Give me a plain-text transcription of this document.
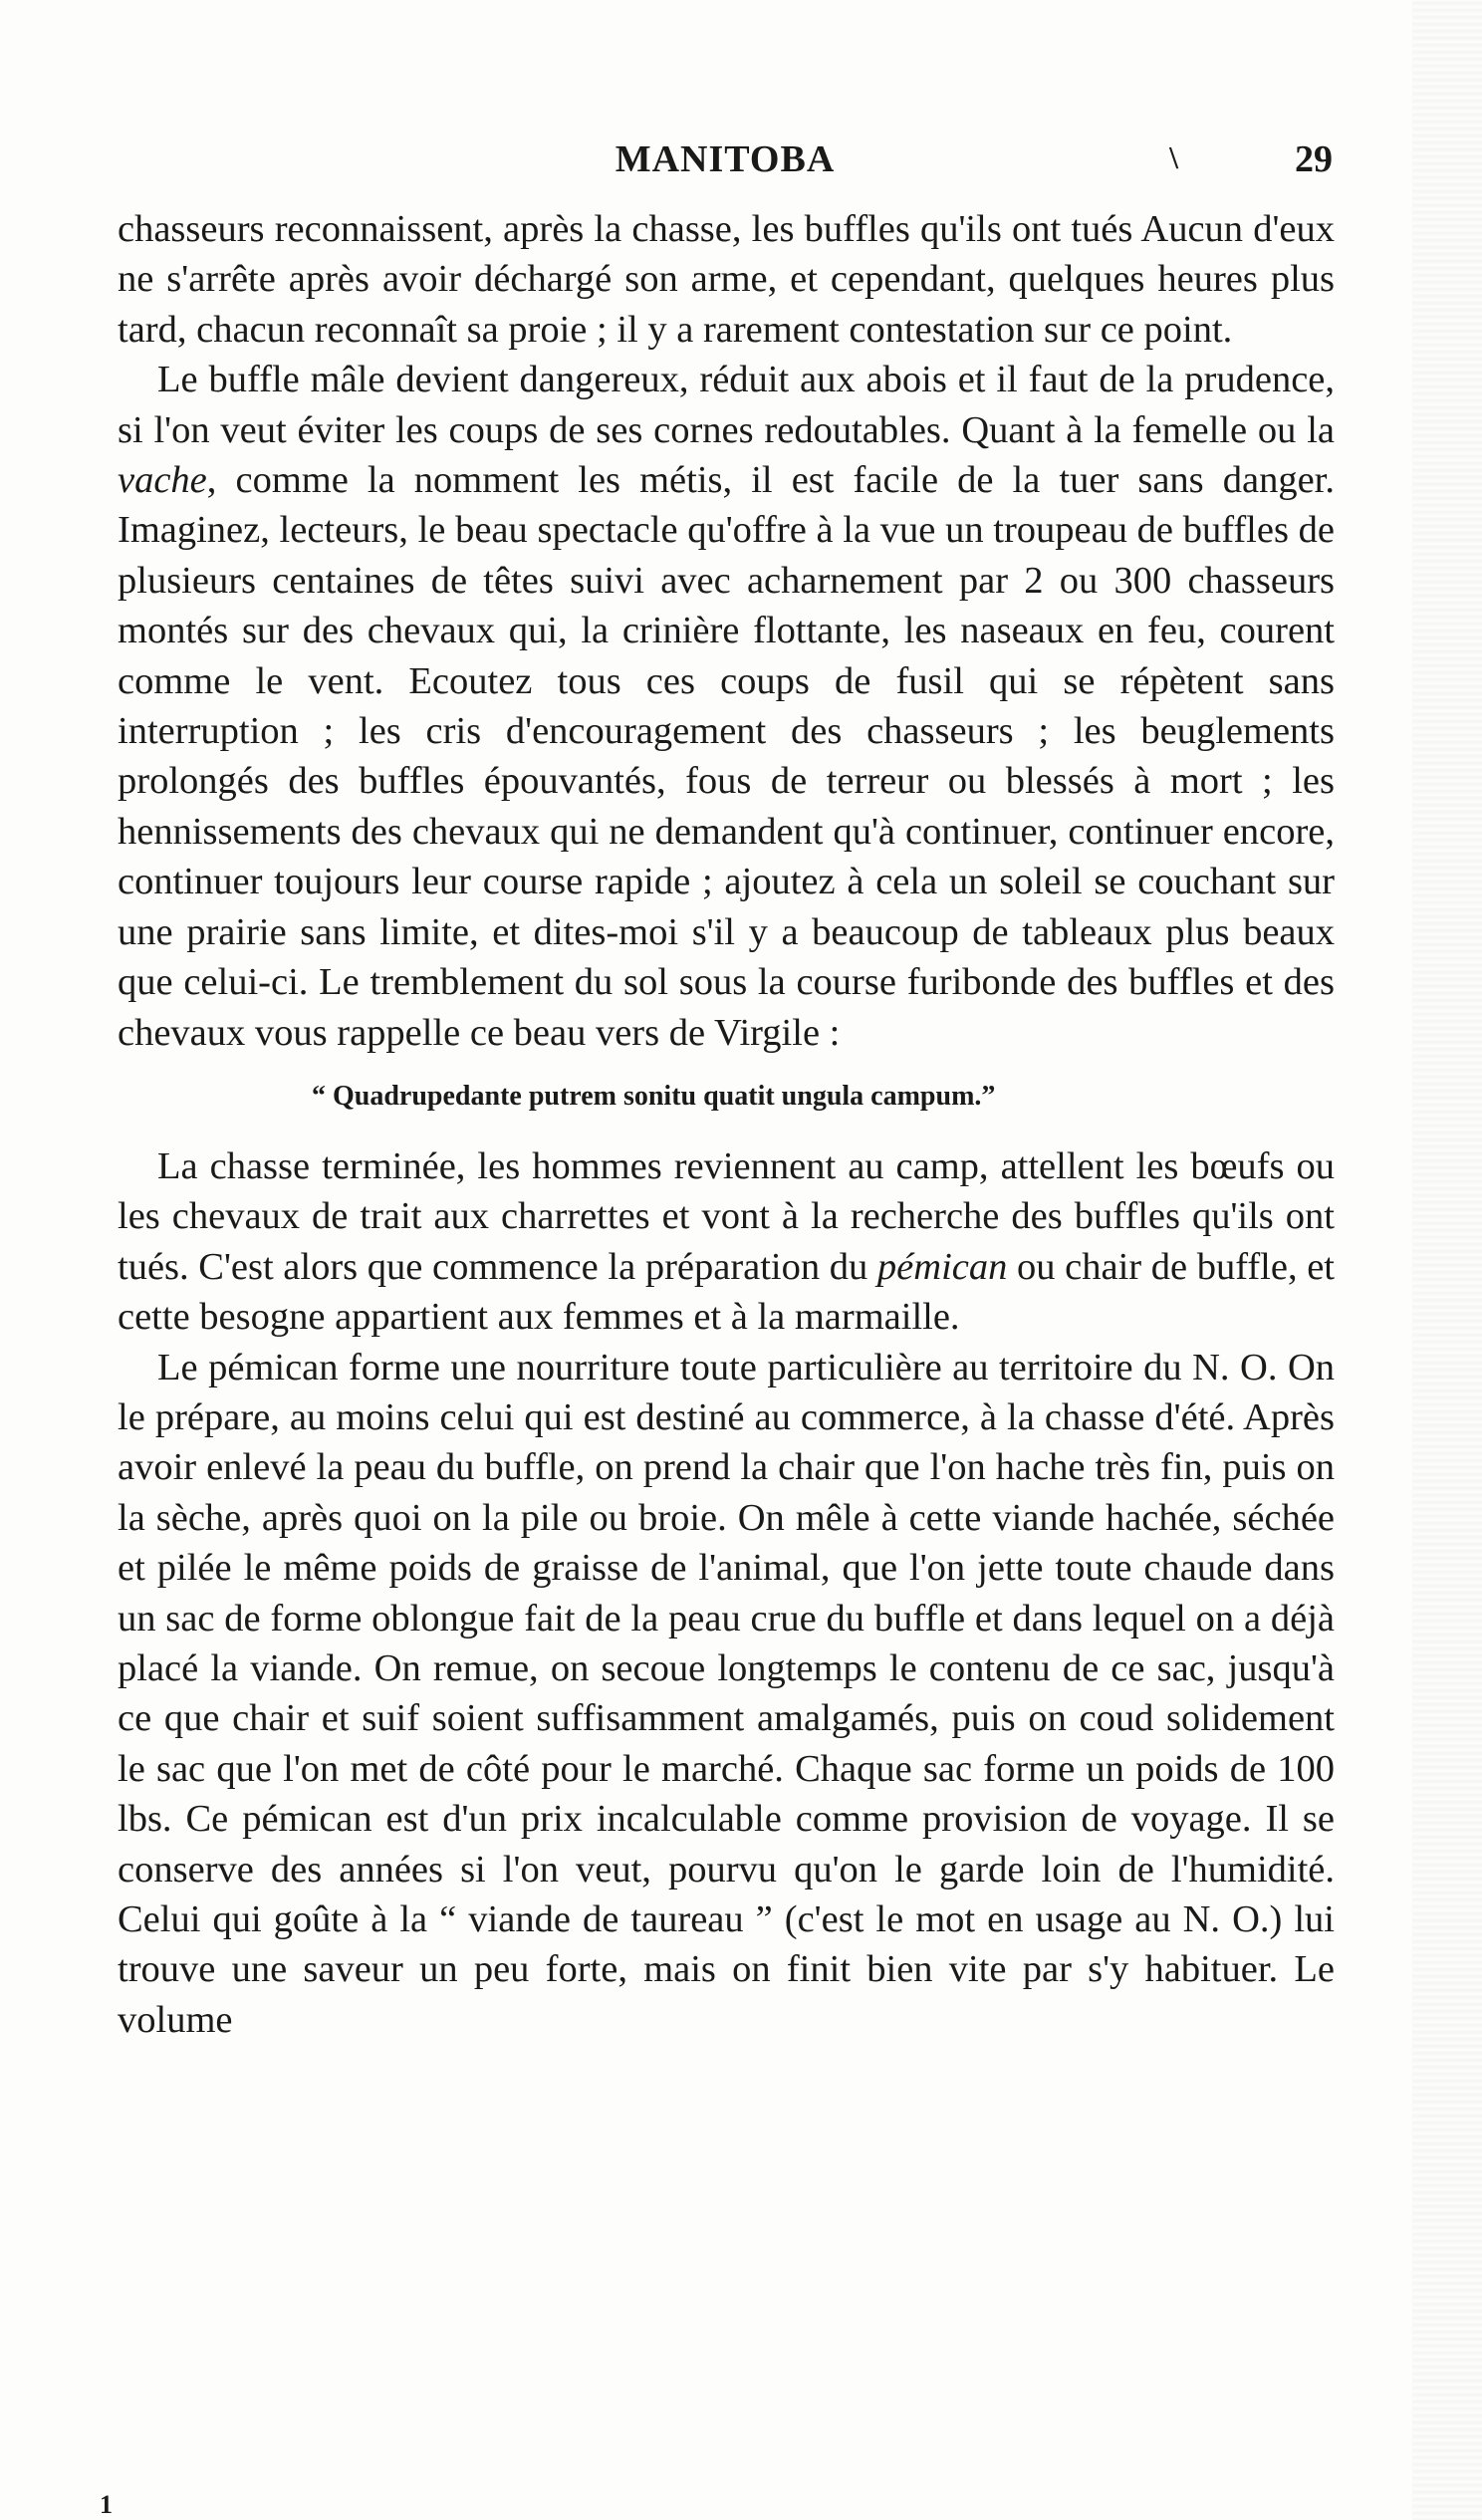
MANITOBA	\	29

chasseurs reconnaissent, après la chasse, les buffles qu'ils ont tués Aucun d'eux ne s'arrête après avoir déchargé son arme, et cependant, quelques heures plus tard, chacun reconnaît sa proie ; il y a rarement contestation sur ce point.

Le buffle mâle devient dangereux, réduit aux abois et il faut de la prudence, si l'on veut éviter les coups de ses cornes redoutables. Quant à la femelle ou la vache, comme la nomment les métis, il est facile de la tuer sans danger. Imaginez, lecteurs, le beau spectacle qu'offre à la vue un troupeau de buffles de plusieurs centaines de têtes suivi avec acharnement par 2 ou 300 chasseurs montés sur des chevaux qui, la crinière flottante, les naseaux en feu, courent comme le vent. Ecoutez tous ces coups de fusil qui se répètent sans interruption ; les cris d'encouragement des chasseurs ; les beuglements prolongés des buffles épouvantés, fous de terreur ou blessés à mort ; les hennissements des chevaux qui ne demandent qu'à continuer, continuer encore, continuer toujours leur course rapide ; ajoutez à cela un soleil se couchant sur une prairie sans limite, et dites-moi s'il y a beaucoup de tableaux plus beaux que celui-ci. Le tremblement du sol sous la course furibonde des buffles et des chevaux vous rappelle ce beau vers de Virgile :

“ Quadrupedante putrem sonitu quatit ungula campum.”

La chasse terminée, les hommes reviennent au camp, attellent les bœufs ou les chevaux de trait aux charrettes et vont à la recherche des buffles qu'ils ont tués. C'est alors que commence la préparation du pémican ou chair de buffle, et cette besogne appartient aux femmes et à la marmaille.

Le pémican forme une nourriture toute particulière au territoire du N. O. On le prépare, au moins celui qui est destiné au commerce, à la chasse d'été. Après avoir enlevé la peau du buffle, on prend la chair que l'on hache très fin, puis on la sèche, après quoi on la pile ou broie. On mêle à cette viande hachée, séchée et pilée le même poids de graisse de l'animal, que l'on jette toute chaude dans un sac de forme oblongue fait de la peau crue du buffle et dans lequel on a déjà placé la viande. On remue, on secoue longtemps le contenu de ce sac, jusqu'à ce que chair et suif soient suffisamment amalgamés, puis on coud solidement le sac que l'on met de côté pour le marché. Chaque sac forme un poids de 100 lbs. Ce pémican est d'un prix incalculable comme provision de voyage. Il se conserve des années si l'on veut, pourvu qu'on le garde loin de l'humidité. Celui qui goûte à la “ viande de taureau ” (c'est le mot en usage au N. O.) lui trouve une saveur un peu forte, mais on finit bien vite par s'y habituer. Le volume

1
